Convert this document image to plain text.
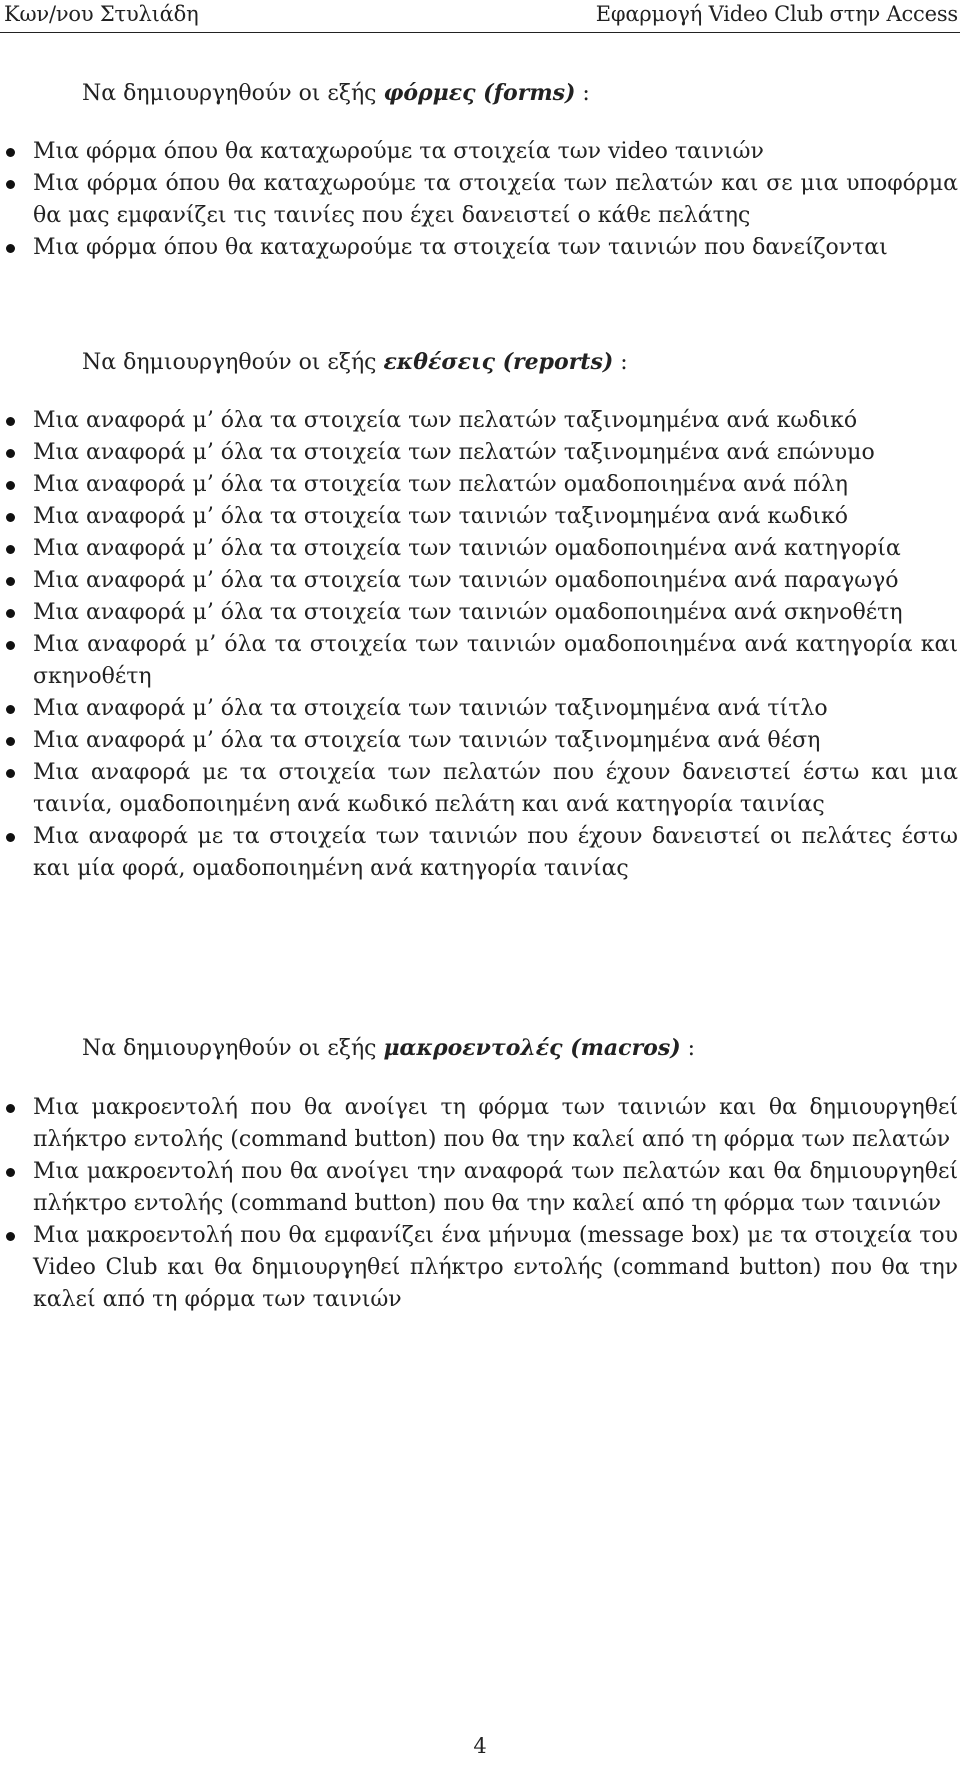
Κων/νου Στυλιάδη	Εφαρμογή Video Club στην Access
Να δημιουργηθούν οι εξής φόρμες (forms) :
Μια φόρμα όπου θα καταχωρούμε τα στοιχεία των video ταινιών
Μια φόρμα όπου θα καταχωρούμε τα στοιχεία των πελατών και σε μια υποφόρμα θα μας εμφανίζει τις ταινίες που έχει δανειστεί ο κάθε πελάτης
Μια φόρμα όπου θα καταχωρούμε τα στοιχεία των ταινιών που δανείζονται
Να δημιουργηθούν οι εξής εκθέσεις (reports) :
Μια αναφορά μ’ όλα τα στοιχεία των πελατών ταξινομημένα ανά κωδικό
Μια αναφορά μ’ όλα τα στοιχεία των πελατών ταξινομημένα ανά επώνυμο
Μια αναφορά μ’ όλα τα στοιχεία των πελατών ομαδοποιημένα ανά πόλη
Μια αναφορά μ’ όλα τα στοιχεία των ταινιών ταξινομημένα ανά κωδικό
Μια αναφορά μ’ όλα τα στοιχεία των ταινιών ομαδοποιημένα ανά κατηγορία
Μια αναφορά μ’ όλα τα στοιχεία των ταινιών ομαδοποιημένα ανά παραγωγό
Μια αναφορά μ’ όλα τα στοιχεία των ταινιών ομαδοποιημένα ανά σκηνοθέτη
Μια αναφορά μ’ όλα τα στοιχεία των ταινιών ομαδοποιημένα ανά κατηγορία και σκηνοθέτη
Μια αναφορά μ’ όλα τα στοιχεία των ταινιών ταξινομημένα ανά τίτλο
Μια αναφορά μ’ όλα τα στοιχεία των ταινιών ταξινομημένα ανά θέση
Μια αναφορά με τα στοιχεία των πελατών που έχουν δανειστεί έστω και μια ταινία, ομαδοποιημένη ανά κωδικό πελάτη και ανά κατηγορία ταινίας
Μια αναφορά με τα στοιχεία των ταινιών που έχουν δανειστεί οι πελάτες έστω και μία φορά, ομαδοποιημένη ανά κατηγορία ταινίας
Να δημιουργηθούν οι εξής μακροεντολές (macros) :
Μια μακροεντολή που θα ανοίγει τη φόρμα των ταινιών και θα δημιουργηθεί πλήκτρο εντολής (command button) που θα την καλεί από τη φόρμα των πελατών
Μια μακροεντολή που θα ανοίγει την αναφορά των πελατών και θα δημιουργηθεί πλήκτρο εντολής (command button) που θα την καλεί από τη φόρμα των ταινιών
Μια μακροεντολή που θα εμφανίζει ένα μήνυμα (message box) με τα στοιχεία του Video Club και θα δημιουργηθεί πλήκτρο εντολής (command button) που θα την καλεί από τη φόρμα των ταινιών
4
